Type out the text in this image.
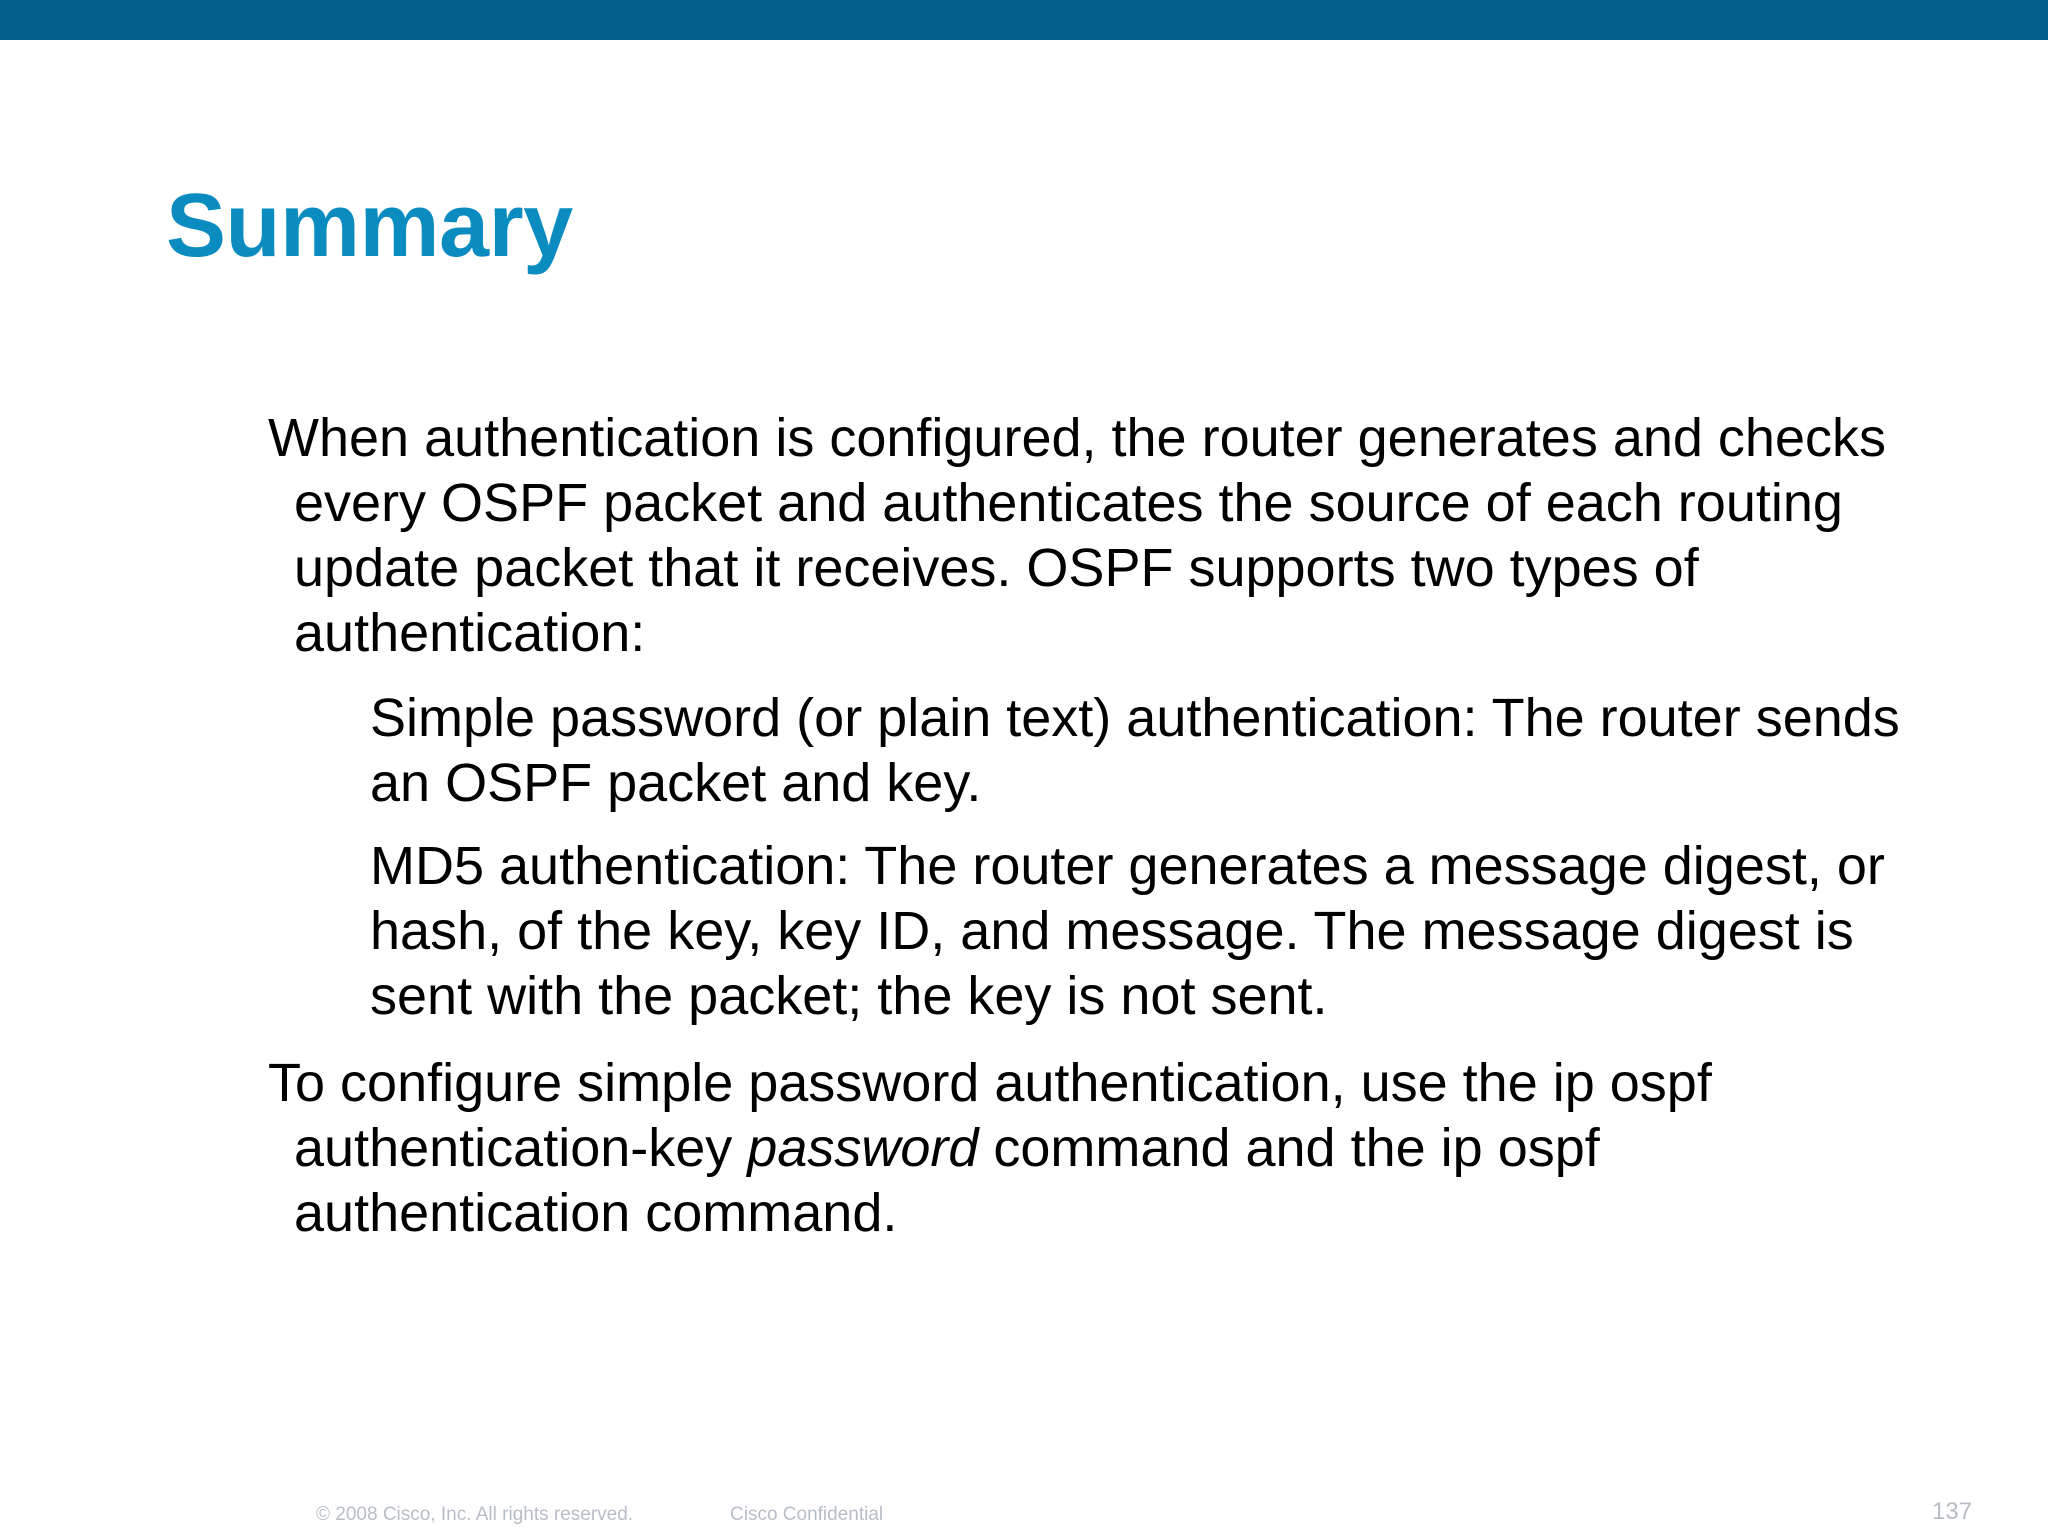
Summary

When authentication is configured, the router generates and checks every OSPF packet and authenticates the source of each routing update packet that it receives. OSPF supports two types of authentication:

Simple password (or plain text) authentication: The router sends an OSPF packet and key.

MD5 authentication: The router generates a message digest, or hash, of the key, key ID, and message. The message digest is sent with the packet; the key is not sent.

To configure simple password authentication, use the ip ospf authentication-key password command and the ip ospf authentication command.

© 2008 Cisco, Inc. All rights reserved.	Cisco Confidential	137
